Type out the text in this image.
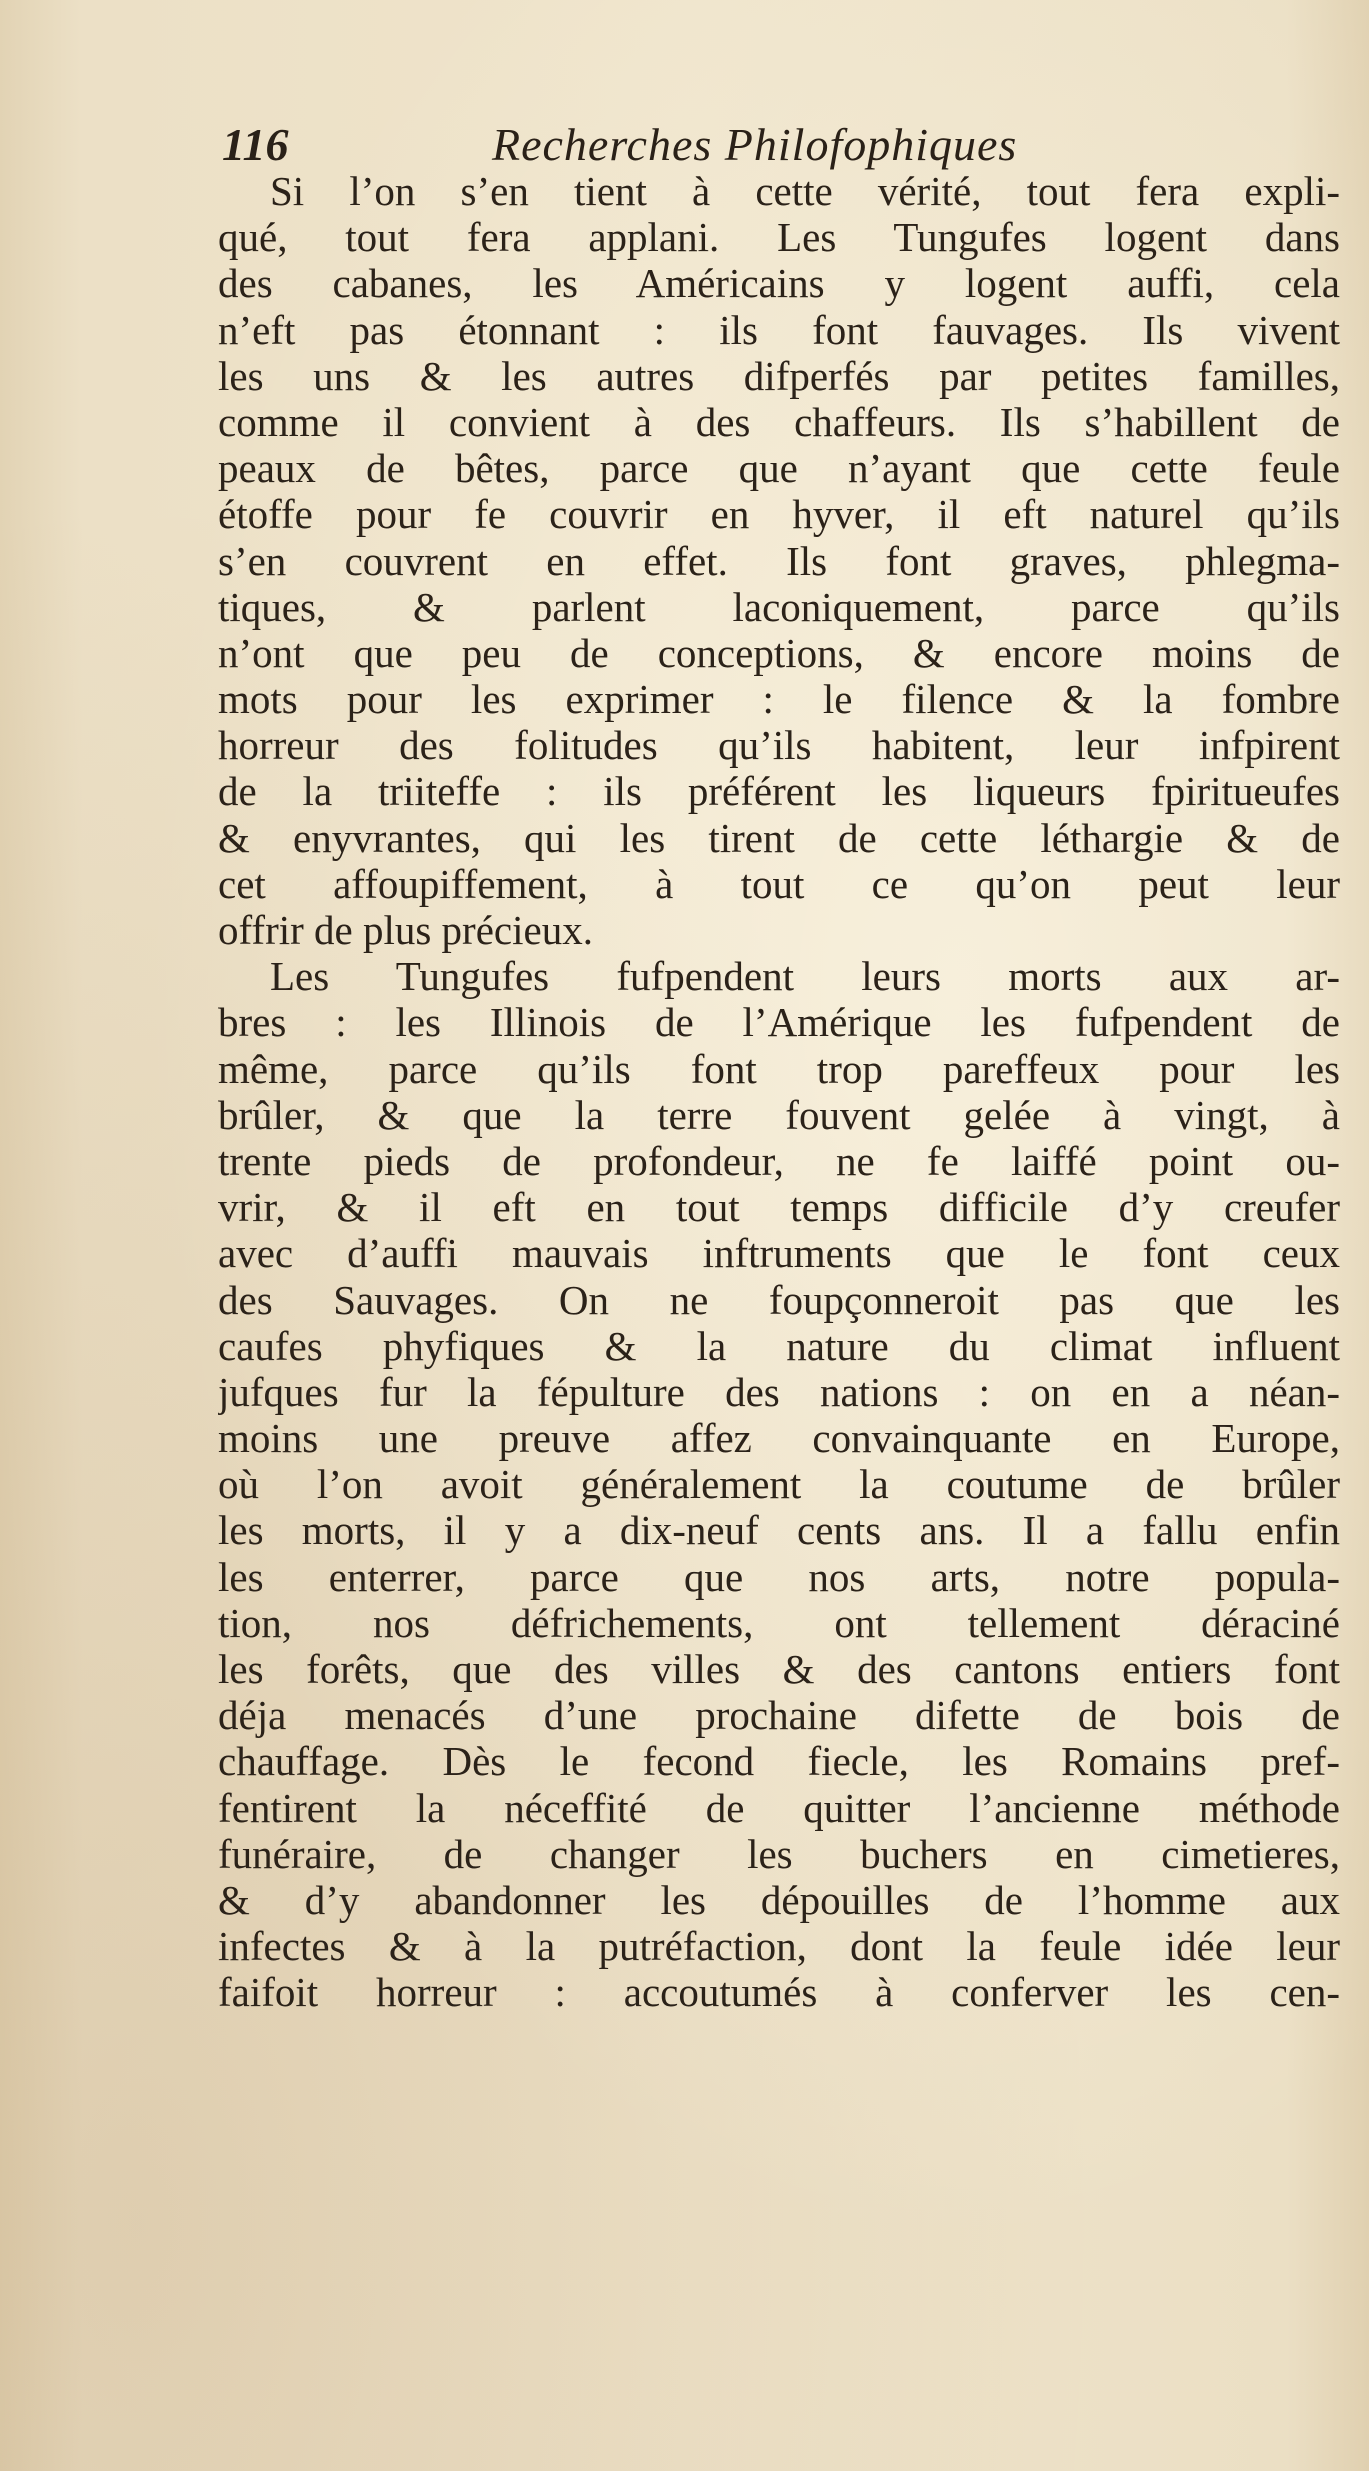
116	Recherches Philofophiques
Si l’on s’en tient à cette vérité, tout fera expli-
qué, tout fera applani. Les Tungufes logent dans
des cabanes, les Américains y logent auffi, cela
n’eft pas étonnant : ils font fauvages. Ils vivent
les uns & les autres difperfés par petites familles,
comme il convient à des chaffeurs. Ils s’habillent de
peaux de bêtes, parce que n’ayant que cette feule
étoffe pour fe couvrir en hyver, il eft naturel qu’ils
s’en couvrent en effet. Ils font graves, phlegma-
tiques, & parlent laconiquement, parce qu’ils
n’ont que peu de conceptions, & encore moins de
mots pour les exprimer : le filence & la fombre
horreur des folitudes qu’ils habitent, leur infpirent
de la triiteffe : ils préférent les liqueurs fpiritueufes
& enyvrantes, qui les tirent de cette léthargie & de
cet affoupiffement, à tout ce qu’on peut leur
offrir de plus précieux.
Les Tungufes fufpendent leurs morts aux ar-
bres : les Illinois de l’Amérique les fufpendent de
même, parce qu’ils font trop pareffeux pour les
brûler, & que la terre fouvent gelée à vingt, à
trente pieds de profondeur, ne fe laiffé point ou-
vrir, & il eft en tout temps difficile d’y creufer
avec d’auffi mauvais inftruments que le font ceux
des Sauvages. On ne foupçonneroit pas que les
caufes phyfiques & la nature du climat influent
jufques fur la fépulture des nations : on en a néan-
moins une preuve affez convainquante en Europe,
où l’on avoit généralement la coutume de brûler
les morts, il y a dix-neuf cents ans. Il a fallu enfin
les enterrer, parce que nos arts, notre popula-
tion, nos défrichements, ont tellement déraciné
les forêts, que des villes & des cantons entiers font
déja menacés d’une prochaine difette de bois de
chauffage. Dès le fecond fiecle, les Romains pref-
fentirent la néceffité de quitter l’ancienne méthode
funéraire, de changer les buchers en cimetieres,
& d’y abandonner les dépouilles de l’homme aux
infectes & à la putréfaction, dont la feule idée leur
faifoit horreur : accoutumés à conferver les cen-
